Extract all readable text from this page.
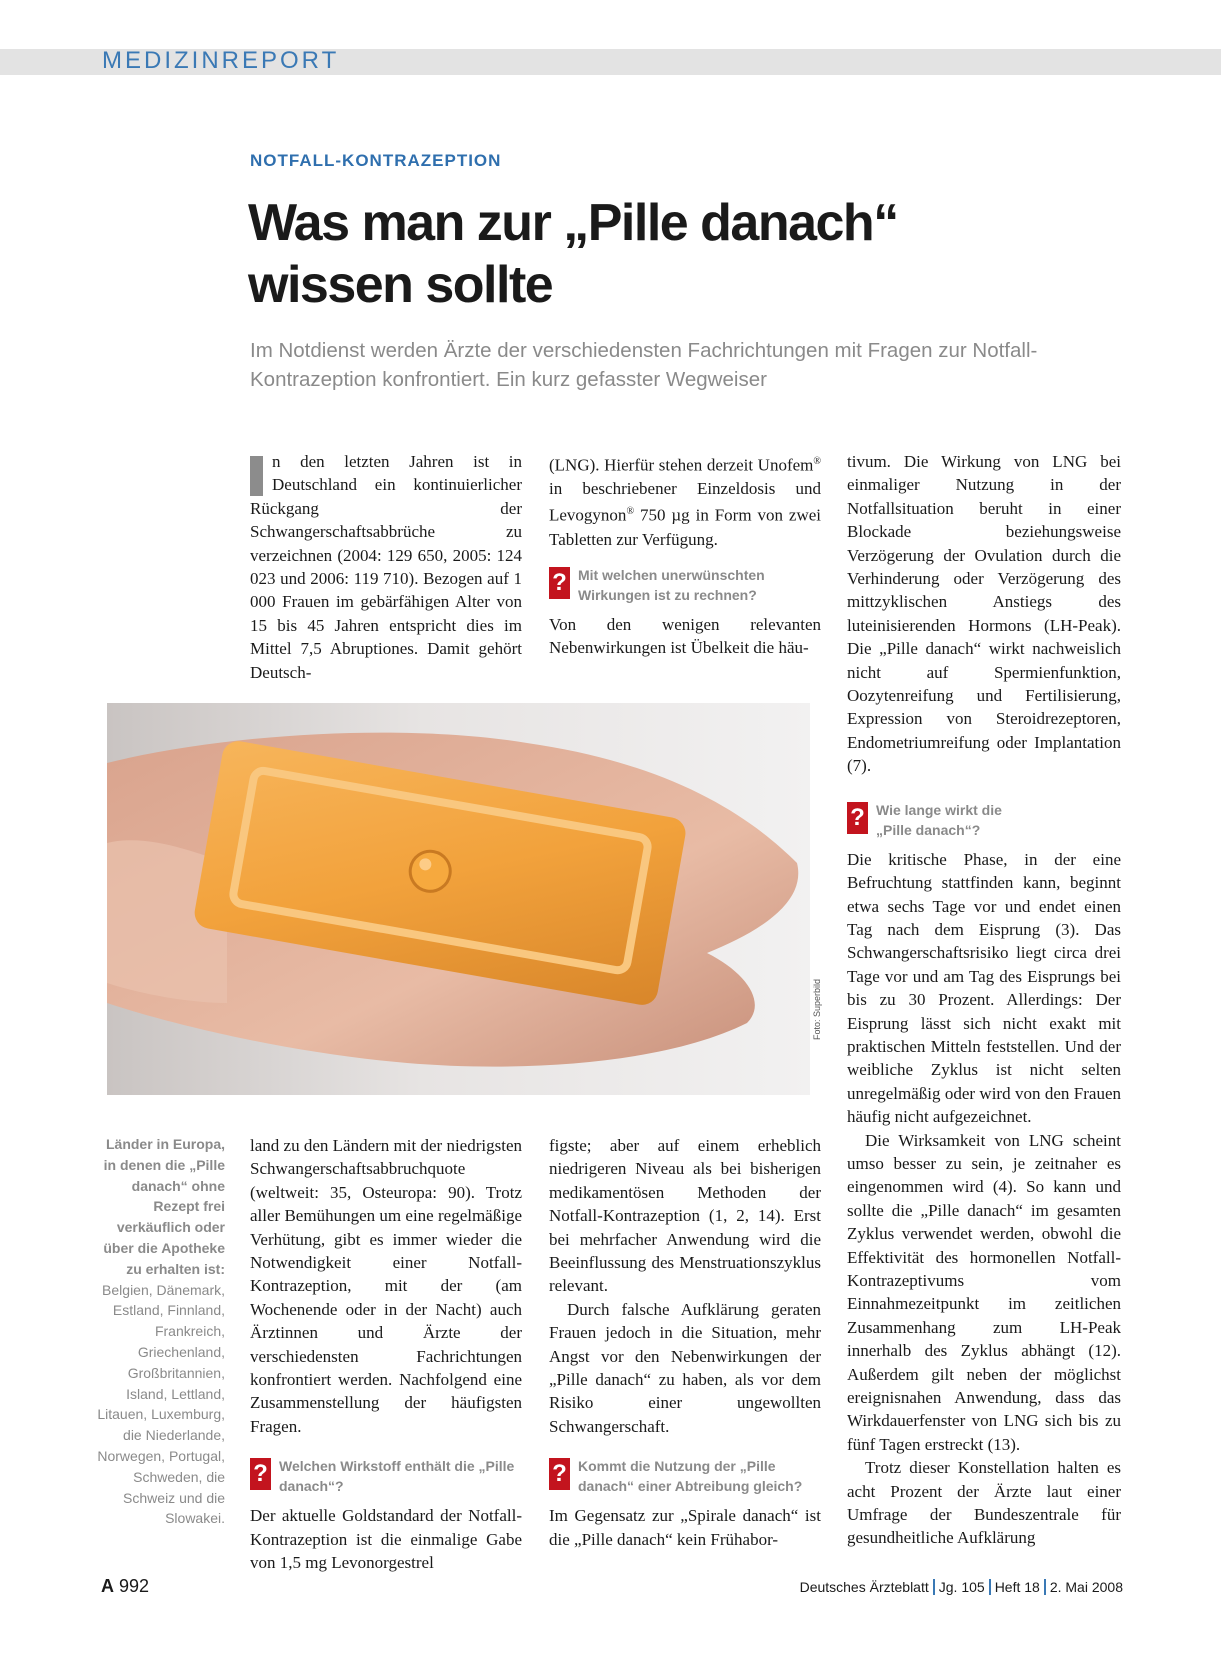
MEDIZINREPORT
NOTFALL-KONTRAZEPTION
Was man zur „Pille danach“
wissen sollte
Im Notdienst werden Ärzte der verschiedensten Fachrichtungen mit Fragen zur Notfall-Kontrazeption konfrontiert. Ein kurz gefasster Wegweiser

n den letzten Jahren ist in Deutschland ein kontinuierlicher Rückgang der Schwangerschaftsabbrüche zu verzeichnen (2004: 129 650, 2005: 124 023 und 2006: 119 710). Bezogen auf 1 000 Frauen im gebärfähigen Alter von 15 bis 45 Jahren entspricht dies im Mittel 7,5 Abruptiones. Damit gehört Deutsch-

(LNG). Hierfür stehen derzeit Unofem® in beschriebener Einzeldosis und Levogynon® 750 µg in Form von zwei Tabletten zur Verfügung.

? Mit welchen unerwünschten Wirkungen ist zu rechnen?

Von den wenigen relevanten Nebenwirkungen ist Übelkeit die häu-

tivum. Die Wirkung von LNG bei einmaliger Nutzung in der Notfallsituation beruht in einer Blockade beziehungsweise Verzögerung der Ovulation durch die Verhinderung oder Verzögerung des mittzyklischen Anstiegs des luteinisierenden Hormons (LH-Peak). Die „Pille danach“ wirkt nachweislich nicht auf Spermienfunktion, Oozytenreifung und Fertilisierung, Expression von Steroidrezeptoren, Endometriumreifung oder Implantation (7).

? Wie lange wirkt die „Pille danach“?

Die kritische Phase, in der eine Befruchtung stattfinden kann, beginnt etwa sechs Tage vor und endet einen Tag nach dem Eisprung (3). Das Schwangerschaftsrisiko liegt circa drei Tage vor und am Tag des Eisprungs bei bis zu 30 Prozent. Allerdings: Der Eisprung lässt sich nicht exakt mit praktischen Mitteln feststellen. Und der weibliche Zyklus ist nicht selten unregelmäßig oder wird von den Frauen häufig nicht aufgezeichnet.

Die Wirksamkeit von LNG scheint umso besser zu sein, je zeitnaher es eingenommen wird (4). So kann und sollte die „Pille danach“ im gesamten Zyklus verwendet werden, obwohl die Effektivität des hormonellen Notfall-Kontrazeptivums vom Einnahmezeitpunkt im zeitlichen Zusammenhang zum LH-Peak innerhalb des Zyklus abhängt (12). Außerdem gilt neben der möglichst ereignisnahen Anwendung, dass das Wirkdauerfenster von LNG sich bis zu fünf Tagen erstreckt (13).

Trotz dieser Konstellation halten es acht Prozent der Ärzte laut einer Umfrage der Bundeszentrale für gesundheitliche Aufklärung

Foto: Superbild
Länder in Europa, in denen die „Pille danach“ ohne Rezept frei verkäuflich oder über die Apotheke zu erhalten ist:
Belgien, Dänemark, Estland, Finnland, Frankreich, Griechenland, Großbritannien, Island, Lettland, Litauen, Luxemburg, die Niederlande, Norwegen, Portugal, Schweden, die Schweiz und die Slowakei.

land zu den Ländern mit der niedrigsten Schwangerschaftsabbruchquote (weltweit: 35, Osteuropa: 90). Trotz aller Bemühungen um eine regelmäßige Verhütung, gibt es immer wieder die Notwendigkeit einer Notfall-Kontrazeption, mit der (am Wochenende oder in der Nacht) auch Ärztinnen und Ärzte der verschiedensten Fachrichtungen konfrontiert werden. Nachfolgend eine Zusammenstellung der häufigsten Fragen.

? Welchen Wirkstoff enthält die „Pille danach“?

Der aktuelle Goldstandard der Notfall-Kontrazeption ist die einmalige Gabe von 1,5 mg Levonorgestrel

figste; aber auf einem erheblich niedrigeren Niveau als bei bisherigen medikamentösen Methoden der Notfall-Kontrazeption (1, 2, 14). Erst bei mehrfacher Anwendung wird die Beeinflussung des Menstruationszyklus relevant.

Durch falsche Aufklärung geraten Frauen jedoch in die Situation, mehr Angst vor den Nebenwirkungen der „Pille danach“ zu haben, als vor dem Risiko einer ungewollten Schwangerschaft.

? Kommt die Nutzung der „Pille danach“ einer Abtreibung gleich?

Im Gegensatz zur „Spirale danach“ ist die „Pille danach“ kein Frühabor-

A 992	Deutsches Ärzteblatt Jg. 105 Heft 18 2. Mai 2008
